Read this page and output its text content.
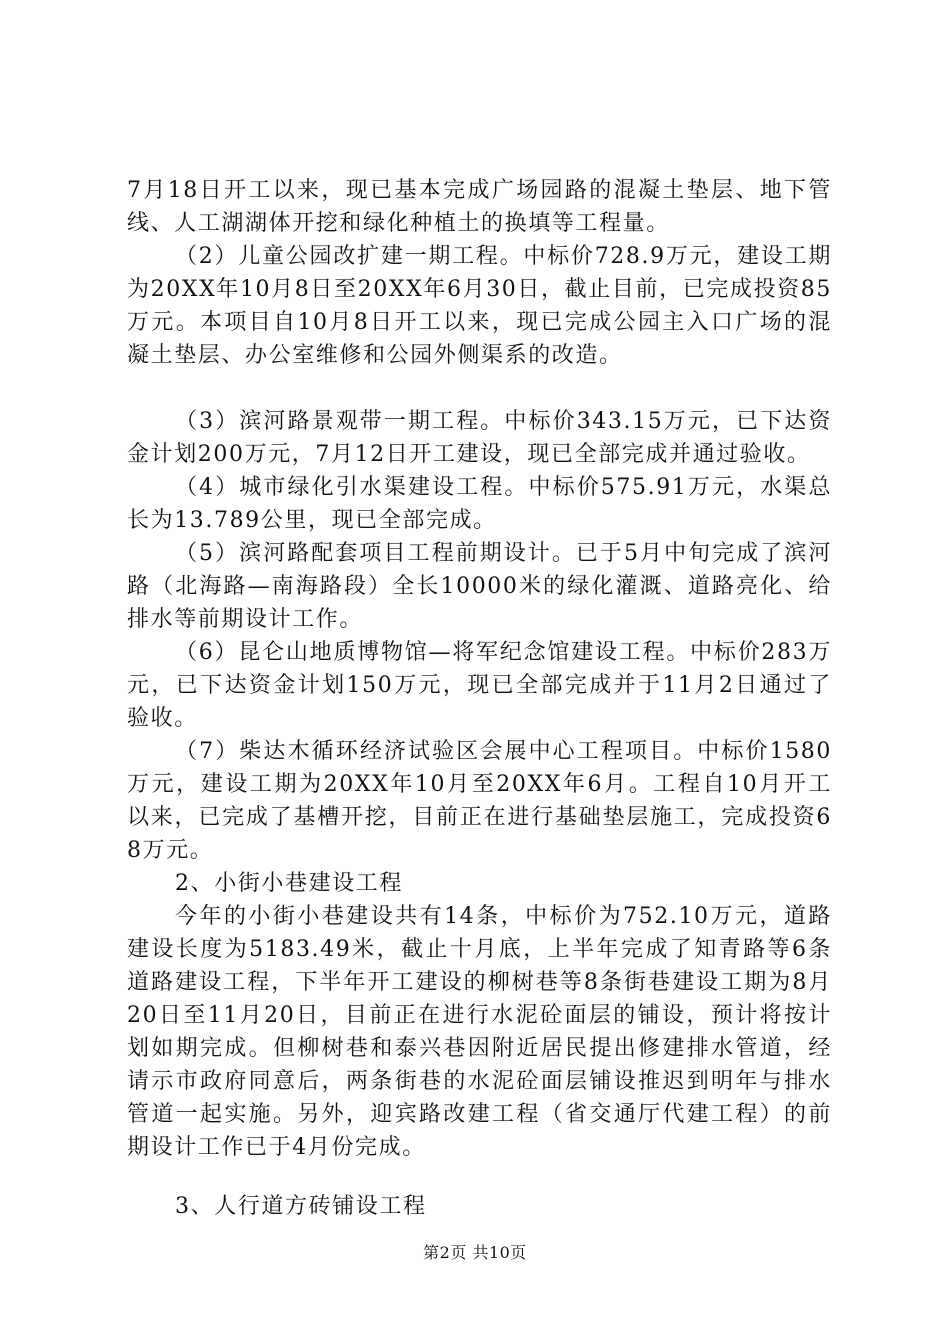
7月18日开工以来，现已基本完成广场园路的混凝土垫层、地下管线、人工湖湖体开挖和绿化种植土的换填等工程量。

（2）儿童公园改扩建一期工程。中标价728.9万元，建设工期为20XX年10月8日至20XX年6月30日，截止目前，已完成投资85万元。本项目自10月8日开工以来，现已完成公园主入口广场的混凝土垫层、办公室维修和公园外侧渠系的改造。

（3）滨河路景观带一期工程。中标价343.15万元，已下达资金计划200万元，7月12日开工建设，现已全部完成并通过验收。

（4）城市绿化引水渠建设工程。中标价575.91万元，水渠总长为13.789公里，现已全部完成。

（5）滨河路配套项目工程前期设计。已于5月中旬完成了滨河路（北海路—南海路段）全长10000米的绿化灌溉、道路亮化、给排水等前期设计工作。

（6）昆仑山地质博物馆—将军纪念馆建设工程。中标价283万元，已下达资金计划150万元，现已全部完成并于11月2日通过了验收。

（7）柴达木循环经济试验区会展中心工程项目。中标价1580万元，建设工期为20XX年10月至20XX年6月。工程自10月开工以来，已完成了基槽开挖，目前正在进行基础垫层施工，完成投资68万元。

2、小街小巷建设工程

今年的小街小巷建设共有14条，中标价为752.10万元，道路建设长度为5183.49米，截止十月底，上半年完成了知青路等6条道路建设工程，下半年开工建设的柳树巷等8条街巷建设工期为8月20日至11月20日，目前正在进行水泥砼面层的铺设，预计将按计划如期完成。但柳树巷和泰兴巷因附近居民提出修建排水管道，经请示市政府同意后，两条街巷的水泥砼面层铺设推迟到明年与排水管道一起实施。另外，迎宾路改建工程（省交通厅代建工程）的前期设计工作已于4月份完成。

3、人行道方砖铺设工程

第2页 共10页
